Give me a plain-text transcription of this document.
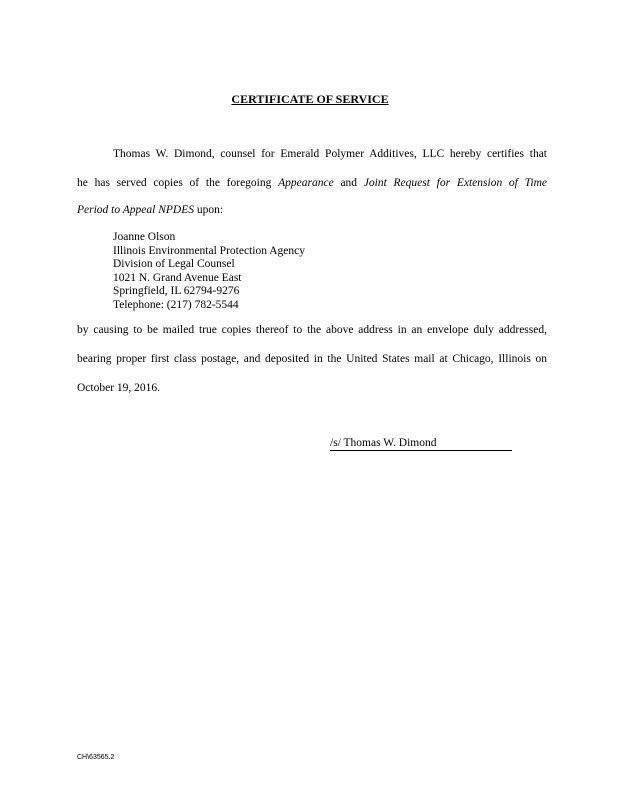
CERTIFICATE OF SERVICE
Thomas W. Dimond, counsel for Emerald Polymer Additives, LLC hereby certifies that
he has served copies of the foregoing Appearance and Joint Request for Extension of Time
Period to Appeal NPDES upon:
Joanne Olson
Illinois Environmental Protection Agency
Division of Legal Counsel
1021 N. Grand Avenue East
Springfield, IL 62794-9276
Telephone: (217) 782-5544
by causing to be mailed true copies thereof to the above address in an envelope duly addressed,
bearing proper first class postage, and deposited in the United States mail at Chicago, Illinois on
October 19, 2016.
/s/ Thomas W. Dimond
CH\63565.2
